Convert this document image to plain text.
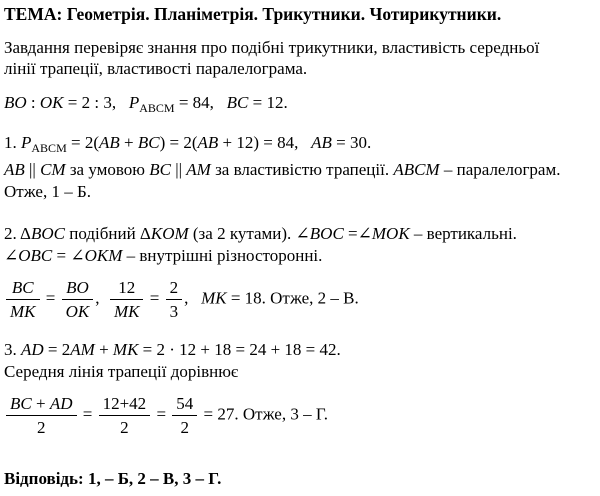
ТЕМА: Геометрія. Планіметрія. Трикутники. Чотирикутники.
Завдання перевіряє знання про подібні трикутники, властивість середньої
лінії трапеції, властивості паралелограма.
BO : OK = 2 : 3,   $P_{ABCM} = 84$,   BC = 12.
1. $P_{ABCM} = 2(AB + BC) = 2(AB + 12) = 84$,   AB = 30.
AB || CM за умовою BC || AM за властивістю трапеції. ABCM – паралелограм.
Отже, 1 – Б.
2. ΔBOC подібний ΔKOM (за 2 кутами). ∠BOC =∠MOK – вертикальні.
∠OBC = ∠OKM – внутрішні різносторонні.
$\frac{BC}{MK} = \frac{BO}{OK}$ , $\frac{12}{MK} = \frac{2}{3}$ ,   MK = 18. Отже, 2 – В.
3. AD = 2AM + MK = 2 · 12 + 18 = 24 + 18 = 42.
Середня лінія трапеції дорівнює
$\frac{BC + AD}{2} = \frac{12+42}{2} = \frac{54}{2} = 27$. Отже, 3 – Г.
Відповідь: 1, – Б, 2 – В, 3 – Г.
